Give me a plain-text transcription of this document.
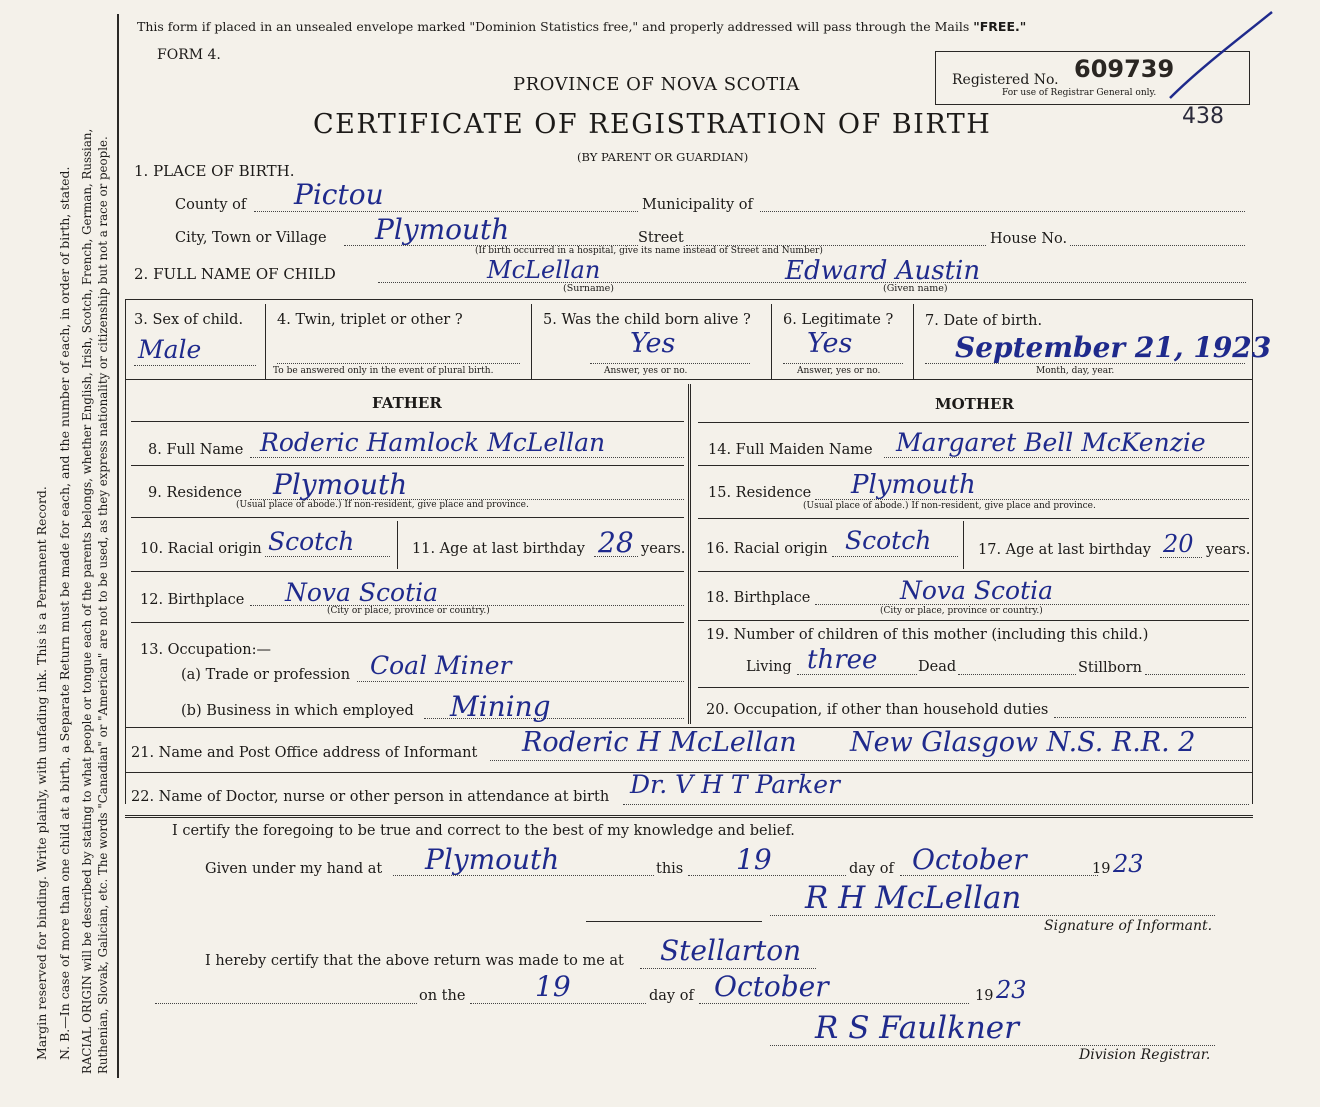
Margin reserved for binding. Write plainly, with unfading ink. This is a Permanent Record. N. B.—In case of more than one child at a birth, a Separate Return must be made for each, and the number of each, in order of birth, stated. RACIAL ORIGIN will be described by stating to what people or tongue each of the parents belongs, whether English, Irish, Scotch, French, German, Russian, Ruthenian, Slovak, Galician, etc. The words "Canadian" or "American" are not to be used, as they express nationality or citizenship but not a race or people.
This form if placed in an unsealed envelope marked "Dominion Statistics free," and properly addressed will pass through the Mails "FREE."
FORM 4.
PROVINCE OF NOVA SCOTIA
CERTIFICATE OF REGISTRATION OF BIRTH
(BY PARENT OR GUARDIAN)
Registered No. 609739
For use of Registrar General only.
438
1. PLACE OF BIRTH.
County of Pictou	Municipality of
City, Town or Village Plymouth
(If birth occurred in a hospital, give its name instead of Street and Number)
Street	House No.
2. FULL NAME OF CHILD	McLellan	Edward Austin
(Surname)	(Given name)
3. Sex of child.
Male
4. Twin, triplet or other ?
To be answered only in the event of plural birth.
5. Was the child born alive ?
Yes
Answer, yes or no.
6. Legitimate ?
Yes
Answer, yes or no.
7. Date of birth.
September 21, 1923
Month, day, year.
FATHER	MOTHER
8. Full Name Roderic Hamlock McLellan
9. Residence Plymouth
(Usual place of abode.) If non-resident, give place and province.
10. Racial origin Scotch	11. Age at last birthday 28 years.
12. Birthplace Nova Scotia
(City or place, province or country.)
13. Occupation:—
(a) Trade or profession Coal Miner
(b) Business in which employed Mining
14. Full Maiden Name Margaret Bell McKenzie
15. Residence Plymouth
(Usual place of abode.) If non-resident, give place and province.
16. Racial origin Scotch	17. Age at last birthday 20 years.
18. Birthplace	Nova Scotia
(City or place, province or country.)
19. Number of children of this mother (including this child.)
Living three	Dead	Stillborn
20. Occupation, if other than household duties
21. Name and Post Office address of Informant Roderic H McLellan New Glasgow N.S. R.R. 2
22. Name of Doctor, nurse or other person in attendance at birth Dr. V H T Parker
I certify the foregoing to be true and correct to the best of my knowledge and belief.
Given under my hand at Plymouth	this 19	day of October	19 23
R H McLellan
Signature of Informant.
I hereby certify that the above return was made to me at Stellarton
on the 19	day of October	19 23
R S Faulkner
Division Registrar.
